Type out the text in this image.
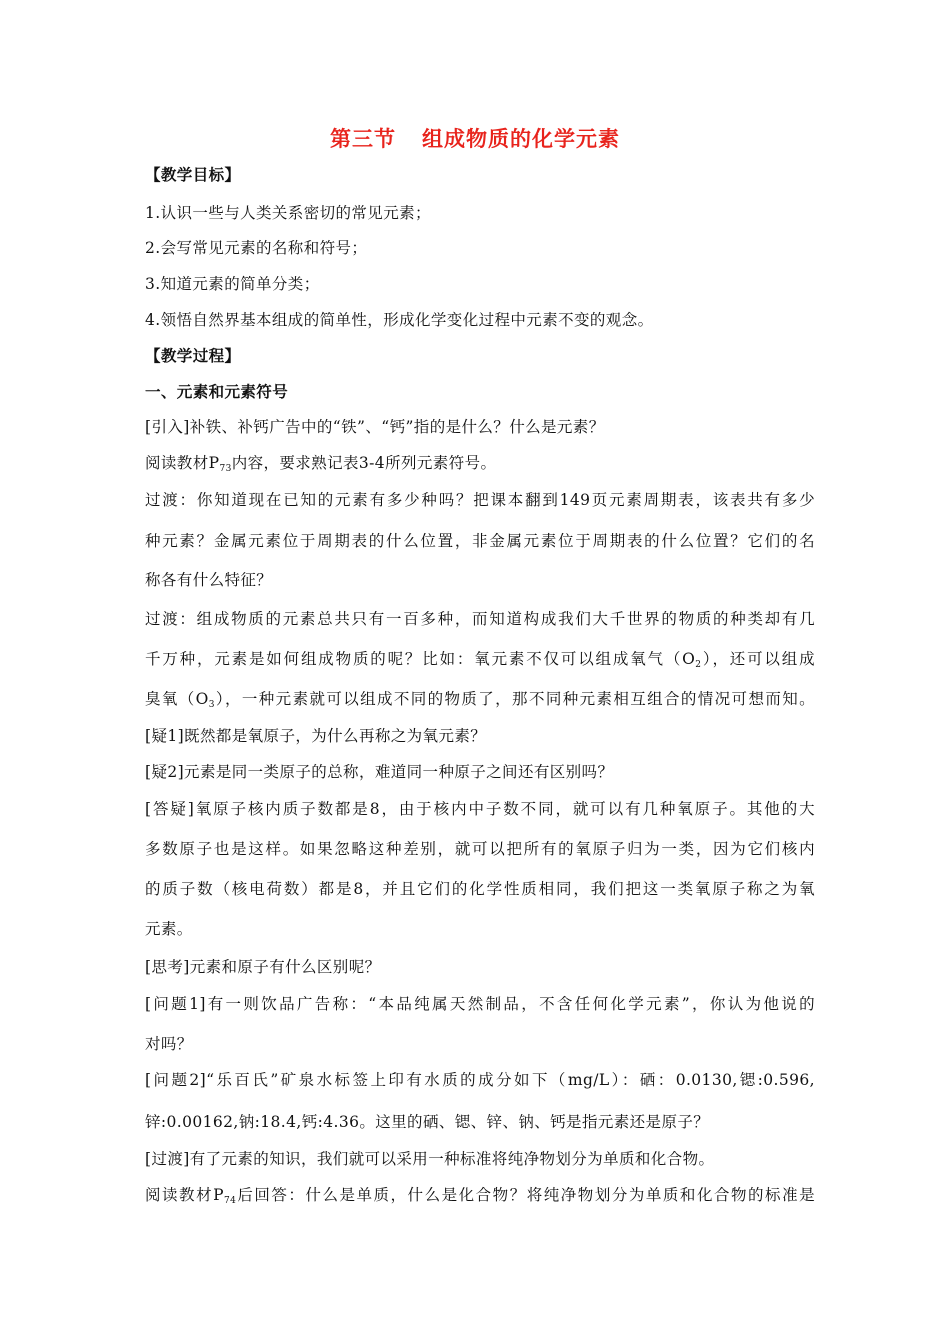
第三节 组成物质的化学元素
【教学目标】
1.认识一些与人类关系密切的常见元素；
2.会写常见元素的名称和符号；
3.知道元素的简单分类；
4.领悟自然界基本组成的简单性，形成化学变化过程中元素不变的观念。
【教学过程】
一、元素和元素符号
[引入]补铁、补钙广告中的“铁”、“钙”指的是什么？什么是元素？
阅读教材$P_{73}$内容，要求熟记表3-4所列元素符号。
过渡：你知道现在已知的元素有多少种吗？把课本翻到149页元素周期表，该表共有多少
种元素？金属元素位于周期表的什么位置，非金属元素位于周期表的什么位置？它们的名
称各有什么特征？
过渡：组成物质的元素总共只有一百多种，而知道构成我们大千世界的物质的种类却有几
千万种，元素是如何组成物质的呢？比如：氧元素不仅可以组成氧气$(O_2)$，还可以组成
臭氧$(O_3)$，一种元素就可以组成不同的物质了，那不同种元素相互组合的情况可想而知。
[疑1]既然都是氧原子，为什么再称之为氧元素？
[疑2]元素是同一类原子的总称，难道同一种原子之间还有区别吗？
[答疑]氧原子核内质子数都是8，由于核内中子数不同，就可以有几种氧原子。其他的大
多数原子也是这样。如果忽略这种差别，就可以把所有的氧原子归为一类，因为它们核内
的质子数（核电荷数）都是8，并且它们的化学性质相同，我们把这一类氧原子称之为氧
元素。
[思考]元素和原子有什么区别呢？
[问题1]有一则饮品广告称：“本品纯属天然制品，不含任何化学元素”，你认为他说的
对吗？
[问题2]“乐百氏”矿泉水标签上印有水质的成分如下（mg/L）：硒：0.0130,锶:0.596,
锌:0.00162,钠:18.4,钙:4.36。这里的硒、锶、锌、钠、钙是指元素还是原子？
[过渡]有了元素的知识，我们就可以采用一种标准将纯净物划分为单质和化合物。
阅读教材$P_{74}$后回答：什么是单质，什么是化合物？将纯净物划分为单质和化合物的标准是
